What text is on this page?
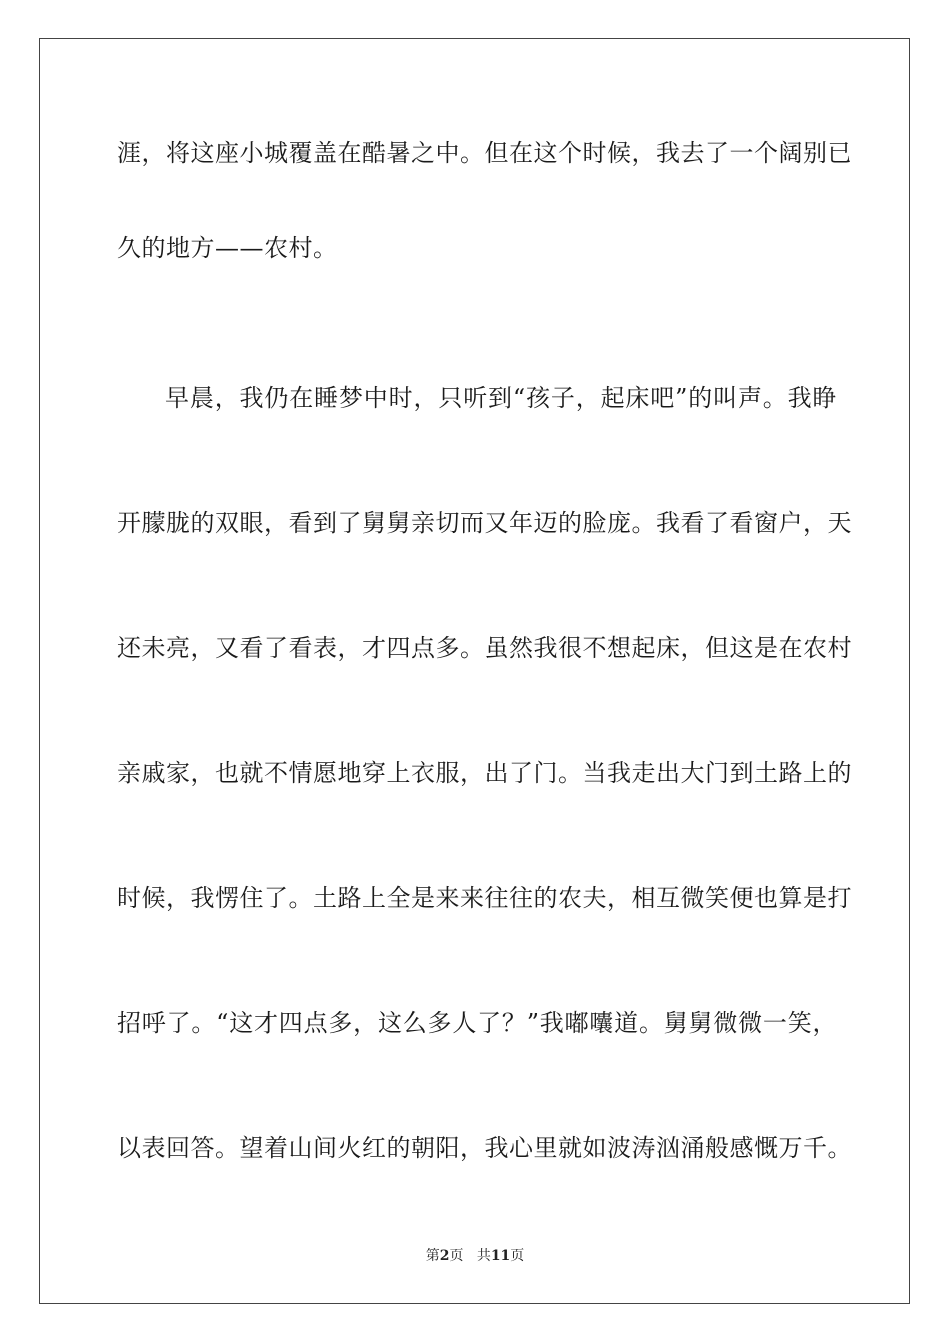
涯，将这座小城覆盖在酷暑之中。但在这个时候，我去了一个阔别已
久的地方——农村。
早晨，我仍在睡梦中时，只听到“孩子，起床吧”的叫声。我睁
开朦胧的双眼，看到了舅舅亲切而又年迈的脸庞。我看了看窗户，天
还未亮，又看了看表，才四点多。虽然我很不想起床，但这是在农村
亲戚家，也就不情愿地穿上衣服，出了门。当我走出大门到土路上的
时候，我愣住了。土路上全是来来往往的农夫，相互微笑便也算是打
招呼了。“这才四点多，这么多人了？”我嘟囔道。舅舅微微一笑，
以表回答。望着山间火红的朝阳，我心里就如波涛汹涌般感慨万千。
第2页 共11页
